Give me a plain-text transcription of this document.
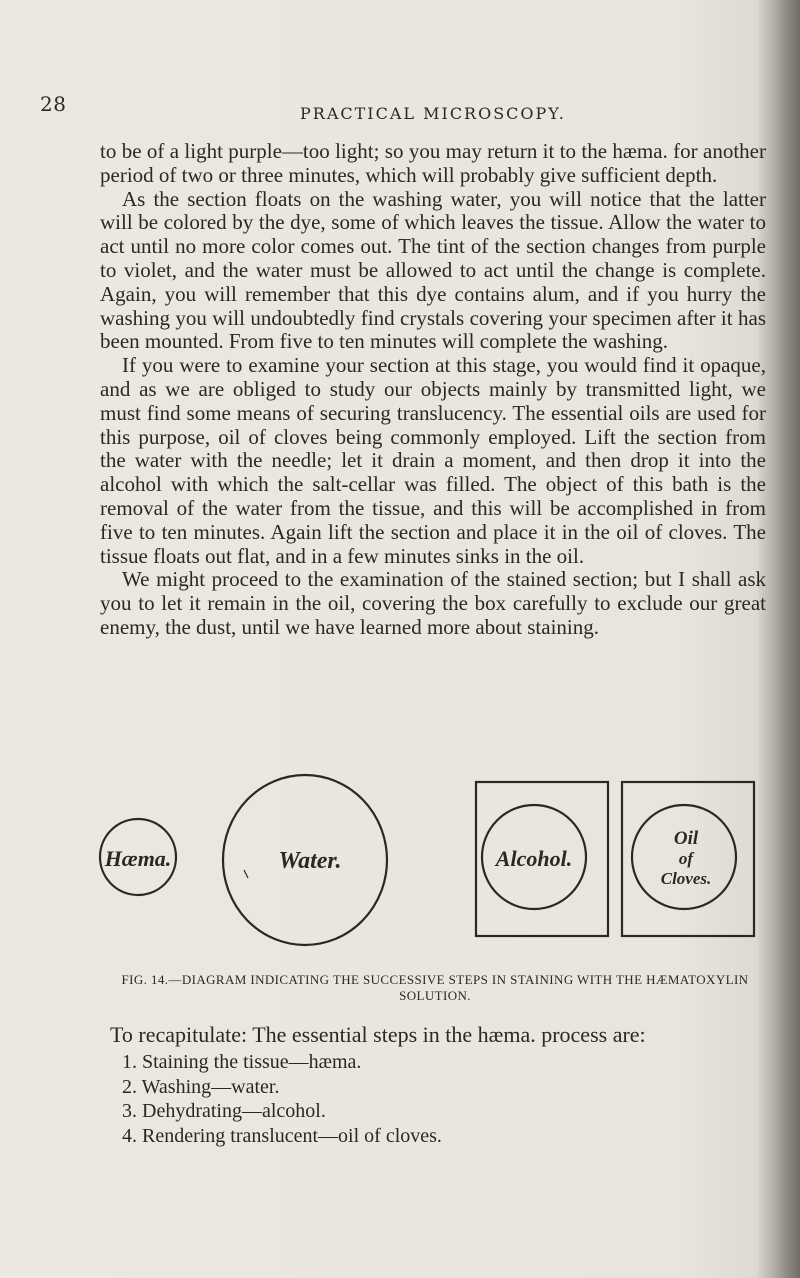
28	PRACTICAL MICROSCOPY.

to be of a light purple—too light; so you may return it to the hæma. for another period of two or three minutes, which will probably give sufficient depth.

As the section floats on the washing water, you will notice that the latter will be colored by the dye, some of which leaves the tissue. Allow the water to act until no more color comes out. The tint of the section changes from purple to violet, and the water must be allowed to act until the change is complete. Again, you will remember that this dye contains alum, and if you hurry the washing you will undoubtedly find crystals covering your specimen after it has been mounted. From five to ten minutes will complete the washing.

If you were to examine your section at this stage, you would find it opaque, and as we are obliged to study our objects mainly by transmitted light, we must find some means of securing translucency. The essential oils are used for this purpose, oil of cloves being commonly employed. Lift the section from the water with the needle; let it drain a moment, and then drop it into the alcohol with which the salt-cellar was filled. The object of this bath is the removal of the water from the tissue, and this will be accomplished in from five to ten minutes. Again lift the section and place it in the oil of cloves. The tissue floats out flat, and in a few minutes sinks in the oil.

We might proceed to the examination of the stained section; but I shall ask you to let it remain in the oil, covering the box carefully to exclude our great enemy, the dust, until we have learned more about staining.

Hæma.	Water.	Alcohol.
Oil
of
Cloves.
FIG. 14.—DIAGRAM INDICATING THE SUCCESSIVE STEPS IN STAINING WITH THE HÆMATOXYLIN
SOLUTION.

To recapitulate: The essential steps in the hæma. process are:

1. Staining the tissue—hæma.
2. Washing—water.
3. Dehydrating—alcohol.
4. Rendering translucent—oil of cloves.
